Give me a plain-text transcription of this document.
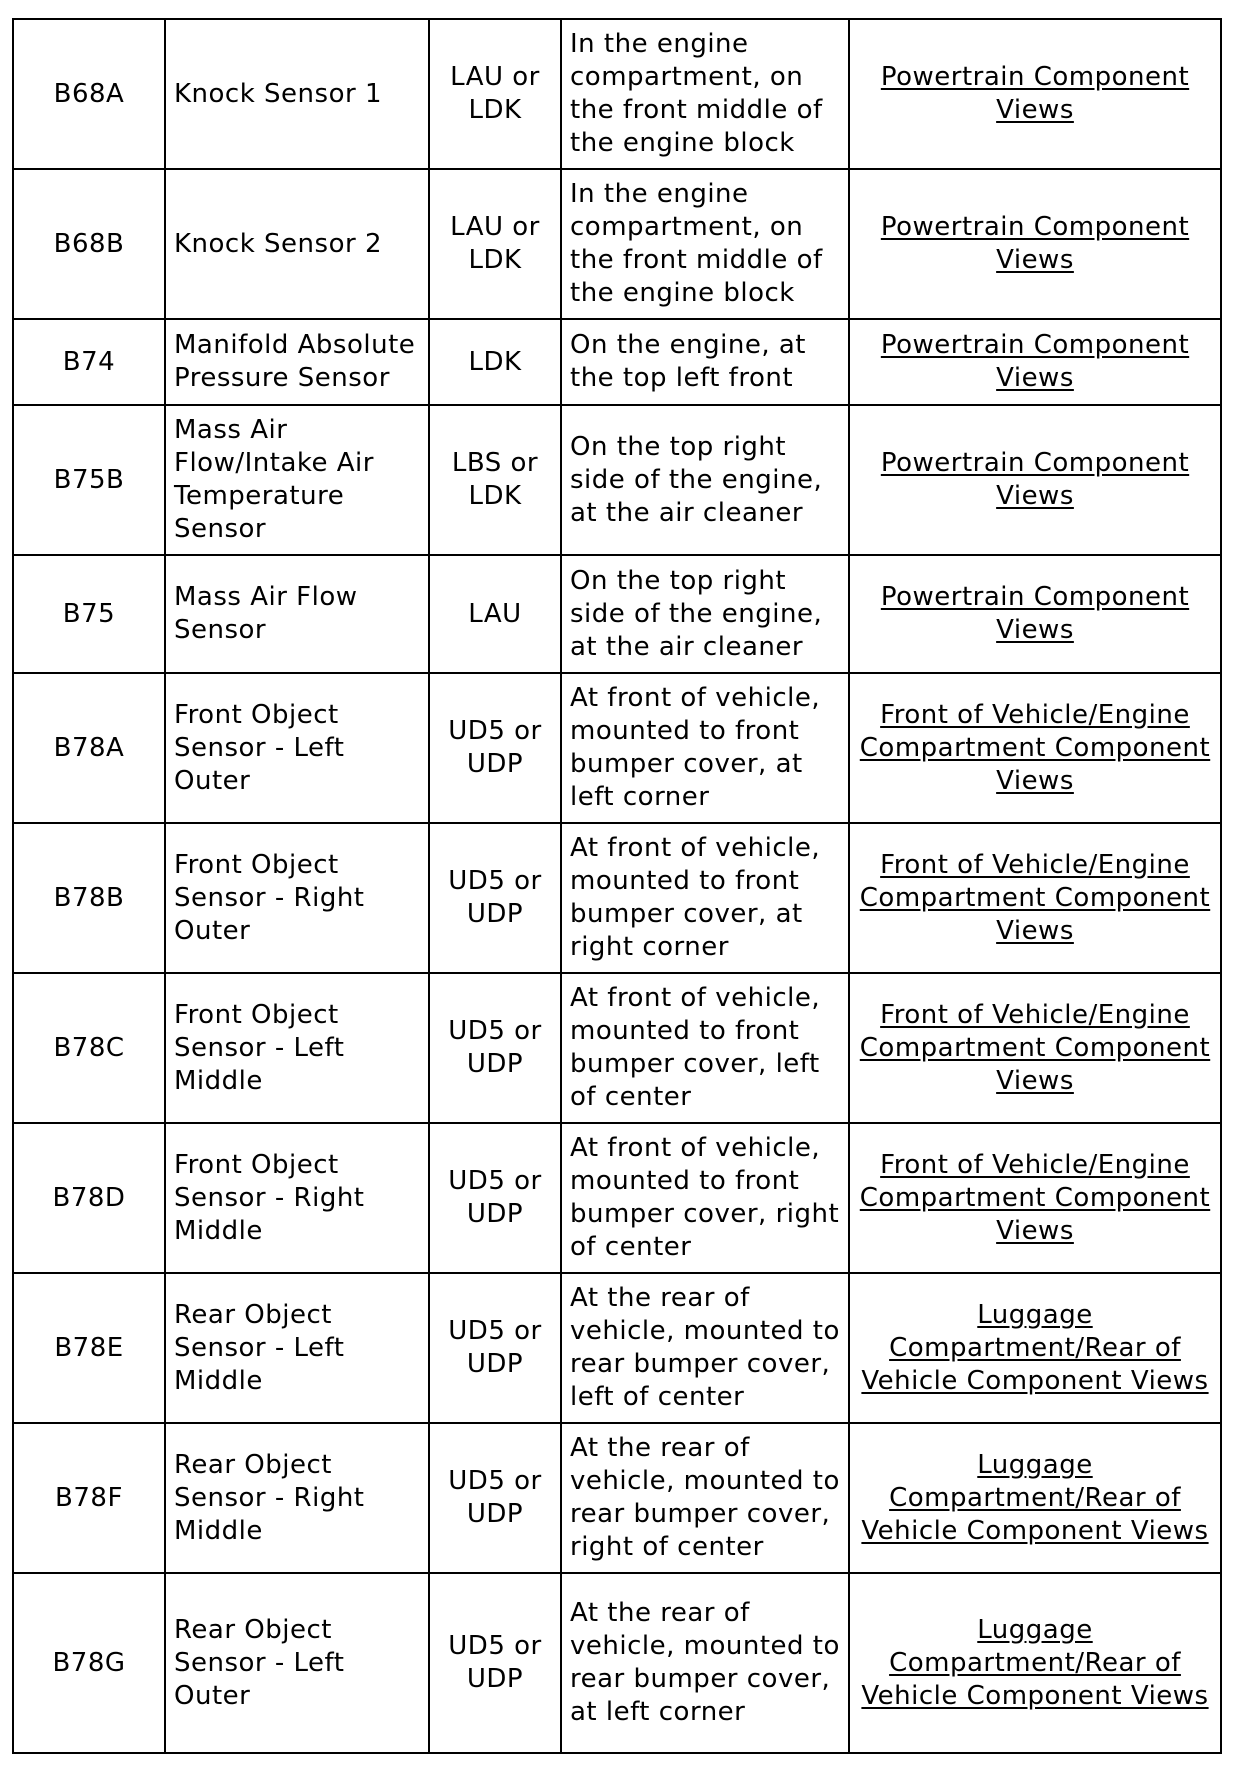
B68A	Knock Sensor 1	LAU or LDK	In the engine compartment, on the front middle of the engine block	Powertrain Component Views
B68B	Knock Sensor 2	LAU or LDK	In the engine compartment, on the front middle of the engine block	Powertrain Component Views
B74	Manifold Absolute Pressure Sensor	LDK	On the engine, at the top left front	Powertrain Component Views
B75B	Mass Air Flow/Intake Air Temperature Sensor	LBS or LDK	On the top right side of the engine, at the air cleaner	Powertrain Component Views
B75	Mass Air Flow Sensor	LAU	On the top right side of the engine, at the air cleaner	Powertrain Component Views
B78A	Front Object Sensor - Left Outer	UD5 or UDP	At front of vehicle, mounted to front bumper cover, at left corner	Front of Vehicle/Engine Compartment Component Views
B78B	Front Object Sensor - Right Outer	UD5 or UDP	At front of vehicle, mounted to front bumper cover, at right corner	Front of Vehicle/Engine Compartment Component Views
B78C	Front Object Sensor - Left Middle	UD5 or UDP	At front of vehicle, mounted to front bumper cover, left of center	Front of Vehicle/Engine Compartment Component Views
B78D	Front Object Sensor - Right Middle	UD5 or UDP	At front of vehicle, mounted to front bumper cover, right of center	Front of Vehicle/Engine Compartment Component Views
B78E	Rear Object Sensor - Left Middle	UD5 or UDP	At the rear of vehicle, mounted to rear bumper cover, left of center	Luggage Compartment/Rear of Vehicle Component Views
B78F	Rear Object Sensor - Right Middle	UD5 or UDP	At the rear of vehicle, mounted to rear bumper cover, right of center	Luggage Compartment/Rear of Vehicle Component Views
B78G	Rear Object Sensor - Left Outer	UD5 or UDP	At the rear of vehicle, mounted to rear bumper cover, at left corner	Luggage Compartment/Rear of Vehicle Component Views
